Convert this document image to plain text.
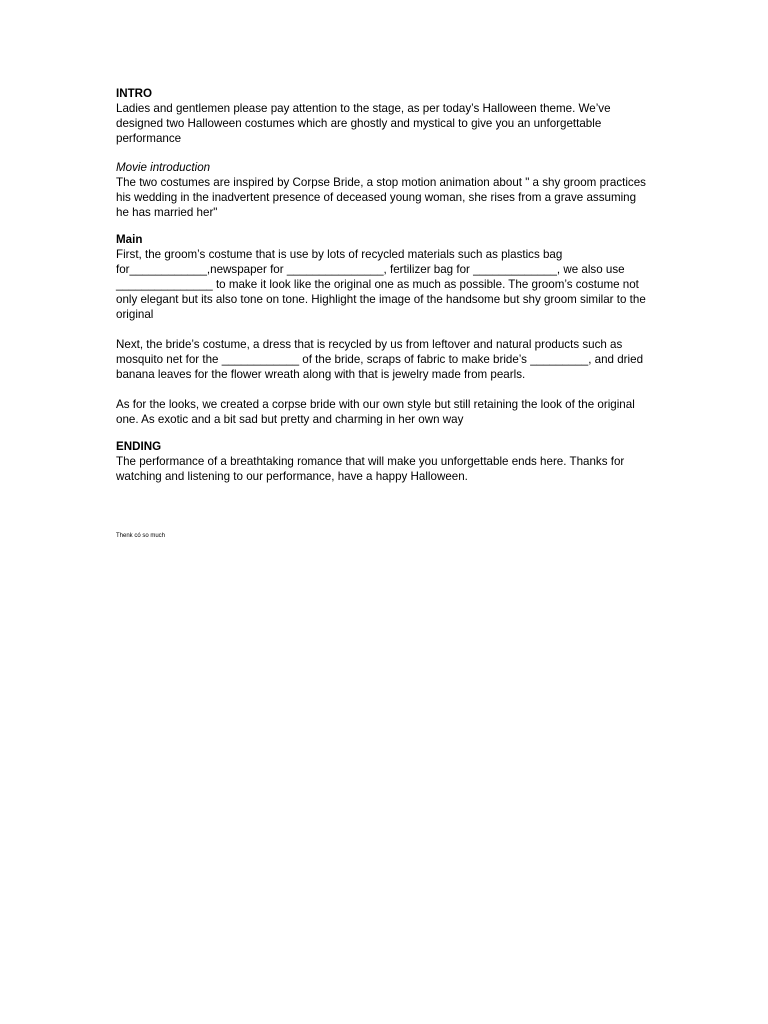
INTRO

Ladies and gentlemen please pay attention to the stage, as per today’s Halloween theme. We’ve designed two Halloween costumes which are ghostly and mystical to give you an unforgettable performance

Movie introduction

The two costumes are inspired by Corpse Bride, a stop motion animation about " a shy groom practices his wedding in the inadvertent presence of deceased young woman, she rises from a grave assuming he has married her"

Main

First, the groom’s costume that is use by lots of recycled materials such as plastics bag for____________,newspaper for _______________, fertilizer bag for _____________, we also use _______________ to make it look like the original one as much as possible. The groom’s costume not only elegant but its also tone on tone. Highlight the image of the handsome but shy groom similar to the original

Next, the bride’s costume, a dress that is recycled by us from leftover and natural products such as mosquito net for the ____________ of the bride, scraps of fabric to make bride’s _________, and dried banana leaves for the flower wreath along with that is jewelry made from pearls.

As for the looks, we created a corpse bride with our own style but still retaining the look of the original one. As exotic and a bit sad but pretty and charming in her own way

ENDING

The performance of a breathtaking romance that will make you unforgettable ends here. Thanks for watching and listening to our performance, have a happy Halloween.

Thenk có so much
